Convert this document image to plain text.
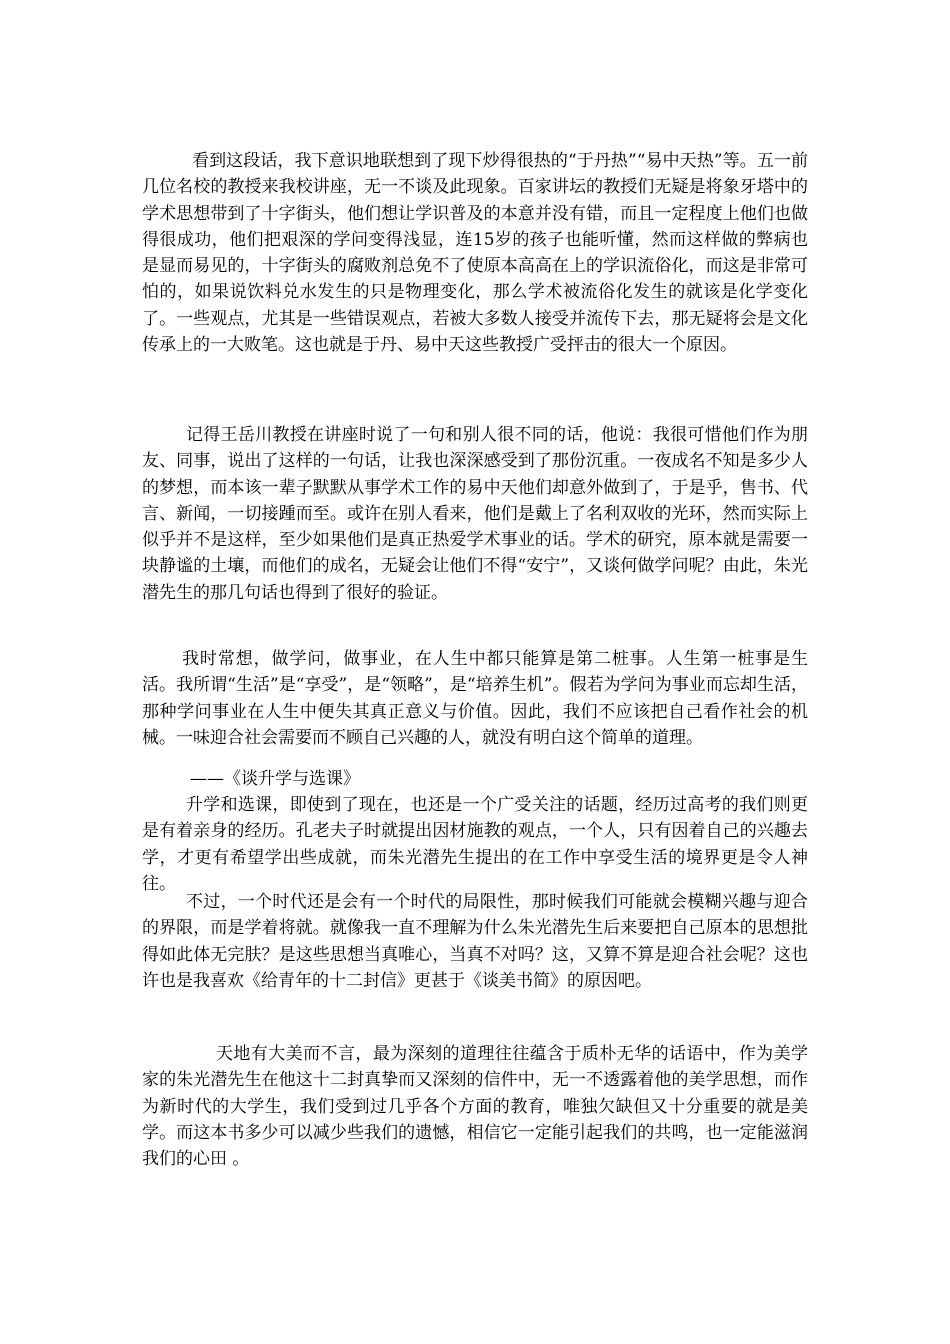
看到这段话，我下意识地联想到了现下炒得很热的“于丹热”“易中天热”等。五一前几位名校的教授来我校讲座，无一不谈及此现象。百家讲坛的教授们无疑是将象牙塔中的学术思想带到了十字街头，他们想让学识普及的本意并没有错，而且一定程度上他们也做得很成功，他们把艰深的学问变得浅显，连15岁的孩子也能听懂，然而这样做的弊病也是显而易见的，十字街头的腐败剂总免不了使原本高高在上的学识流俗化，而这是非常可怕的，如果说饮料兑水发生的只是物理变化，那么学术被流俗化发生的就该是化学变化了。一些观点，尤其是一些错误观点，若被大多数人接受并流传下去，那无疑将会是文化传承上的一大败笔。这也就是于丹、易中天这些教授广受抨击的很大一个原因。

记得王岳川教授在讲座时说了一句和别人很不同的话，他说：我很可惜他们作为朋友、同事，说出了这样的一句话，让我也深深感受到了那份沉重。一夜成名不知是多少人的梦想，而本该一辈子默默从事学术工作的易中天他们却意外做到了，于是乎，售书、代言、新闻，一切接踵而至。或许在别人看来，他们是戴上了名利双收的光环，然而实际上似乎并不是这样，至少如果他们是真正热爱学术事业的话。学术的研究，原本就是需要一块静谧的土壤，而他们的成名，无疑会让他们不得“安宁”，又谈何做学问呢？由此，朱光潜先生的那几句话也得到了很好的验证。

我时常想，做学问，做事业，在人生中都只能算是第二桩事。人生第一桩事是生活。我所谓“生活”是“享受”，是“领略”，是“培养生机”。假若为学问为事业而忘却生活，那种学问事业在人生中便失其真正意义与价值。因此，我们不应该把自己看作社会的机械。一味迎合社会需要而不顾自己兴趣的人，就没有明白这个简单的道理。

——《谈升学与选课》

升学和选课，即使到了现在，也还是一个广受关注的话题，经历过高考的我们则更是有着亲身的经历。孔老夫子时就提出因材施教的观点，一个人，只有因着自己的兴趣去学，才更有希望学出些成就，而朱光潜先生提出的在工作中享受生活的境界更是令人神往。

不过，一个时代还是会有一个时代的局限性，那时候我们可能就会模糊兴趣与迎合的界限，而是学着将就。就像我一直不理解为什么朱光潜先生后来要把自己原本的思想批得如此体无完肤？是这些思想当真唯心，当真不对吗？这，又算不算是迎合社会呢？这也许也是我喜欢《给青年的十二封信》更甚于《谈美书简》的原因吧。

天地有大美而不言，最为深刻的道理往往蕴含于质朴无华的话语中，作为美学家的朱光潜先生在他这十二封真挚而又深刻的信件中，无一不透露着他的美学思想，而作为新时代的大学生，我们受到过几乎各个方面的教育，唯独欠缺但又十分重要的就是美学。而这本书多少可以减少些我们的遗憾，相信它一定能引起我们的共鸣，也一定能滋润我们的心田 。
